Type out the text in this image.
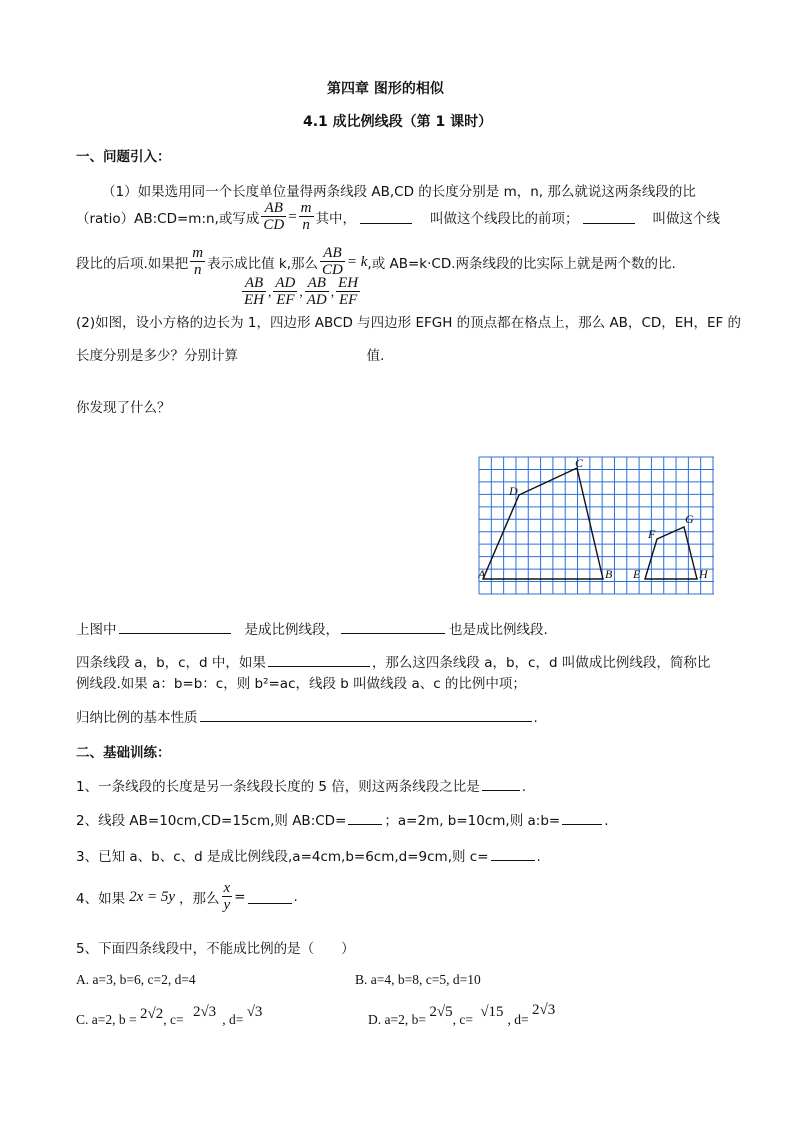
第四章 图形的相似
4.1 成比例线段（第 1 课时）
一、问题引入：
（1）如果选用同一个长度单位量得两条线段 AB,CD 的长度分别是 m，n, 那么就说这两条线段的比
（ratio）AB:CD=m:n,或写成 $\frac{AB}{CD} = \frac{m}{n}$ 其中，	叫做这个线段比的前项；	叫做这个线
段比的后项.如果把 $\frac{m}{n}$ 表示成比值 k,那么 $\frac{AB}{CD} = k$ ,或 AB=k·CD.两条线段的比实际上就是两个数的比.
$\frac{AB}{EH}$ , $\frac{AD}{EF}$ , $\frac{AB}{AD}$ , $\frac{EH}{EF}$
(2)如图，设小方格的边长为 1，四边形 ABCD 与四边形 EFGH 的顶点都在格点上，那么 AB，CD，EH，EF 的
长度分别是多少？分别计算	值.
你发现了什么？
A	B
C
D
E
F
G
H
上图中	是成比例线段，	也是成比例线段.
四条线段 a，b，c，d 中，如果	，那么这四条线段 a，b，c，d 叫做成比例线段，简称比
例线段.如果 a：b=b：c，则 b²=ac，线段 b 叫做线段 a、c 的比例中项；
归纳比例的基本性质	.
二、基础训练：
1、一条线段的长度是另一条线段长度的 5 倍，则这两条线段之比是	.
2、线段 AB=10cm,CD=15cm,则 AB:CD=	；a=2m, b=10cm,则 a:b=	.
3、已知 a、b、c、d 是成比例线段,a=4cm,b=6cm,d=9cm,则 c=	.
4、如果 2x = 5y ，那么 $\frac{x}{y}$ =	.
5、下面四条线段中，不能成比例的是（　　）
A. a=3, b=6, c=2, d=4	B. a=4, b=8, c=5, d=10
C. a=2, b = 2√2, c= 2√3 , d= √3	D. a=2, b= 2√5, c= √15 , d= 2√3
